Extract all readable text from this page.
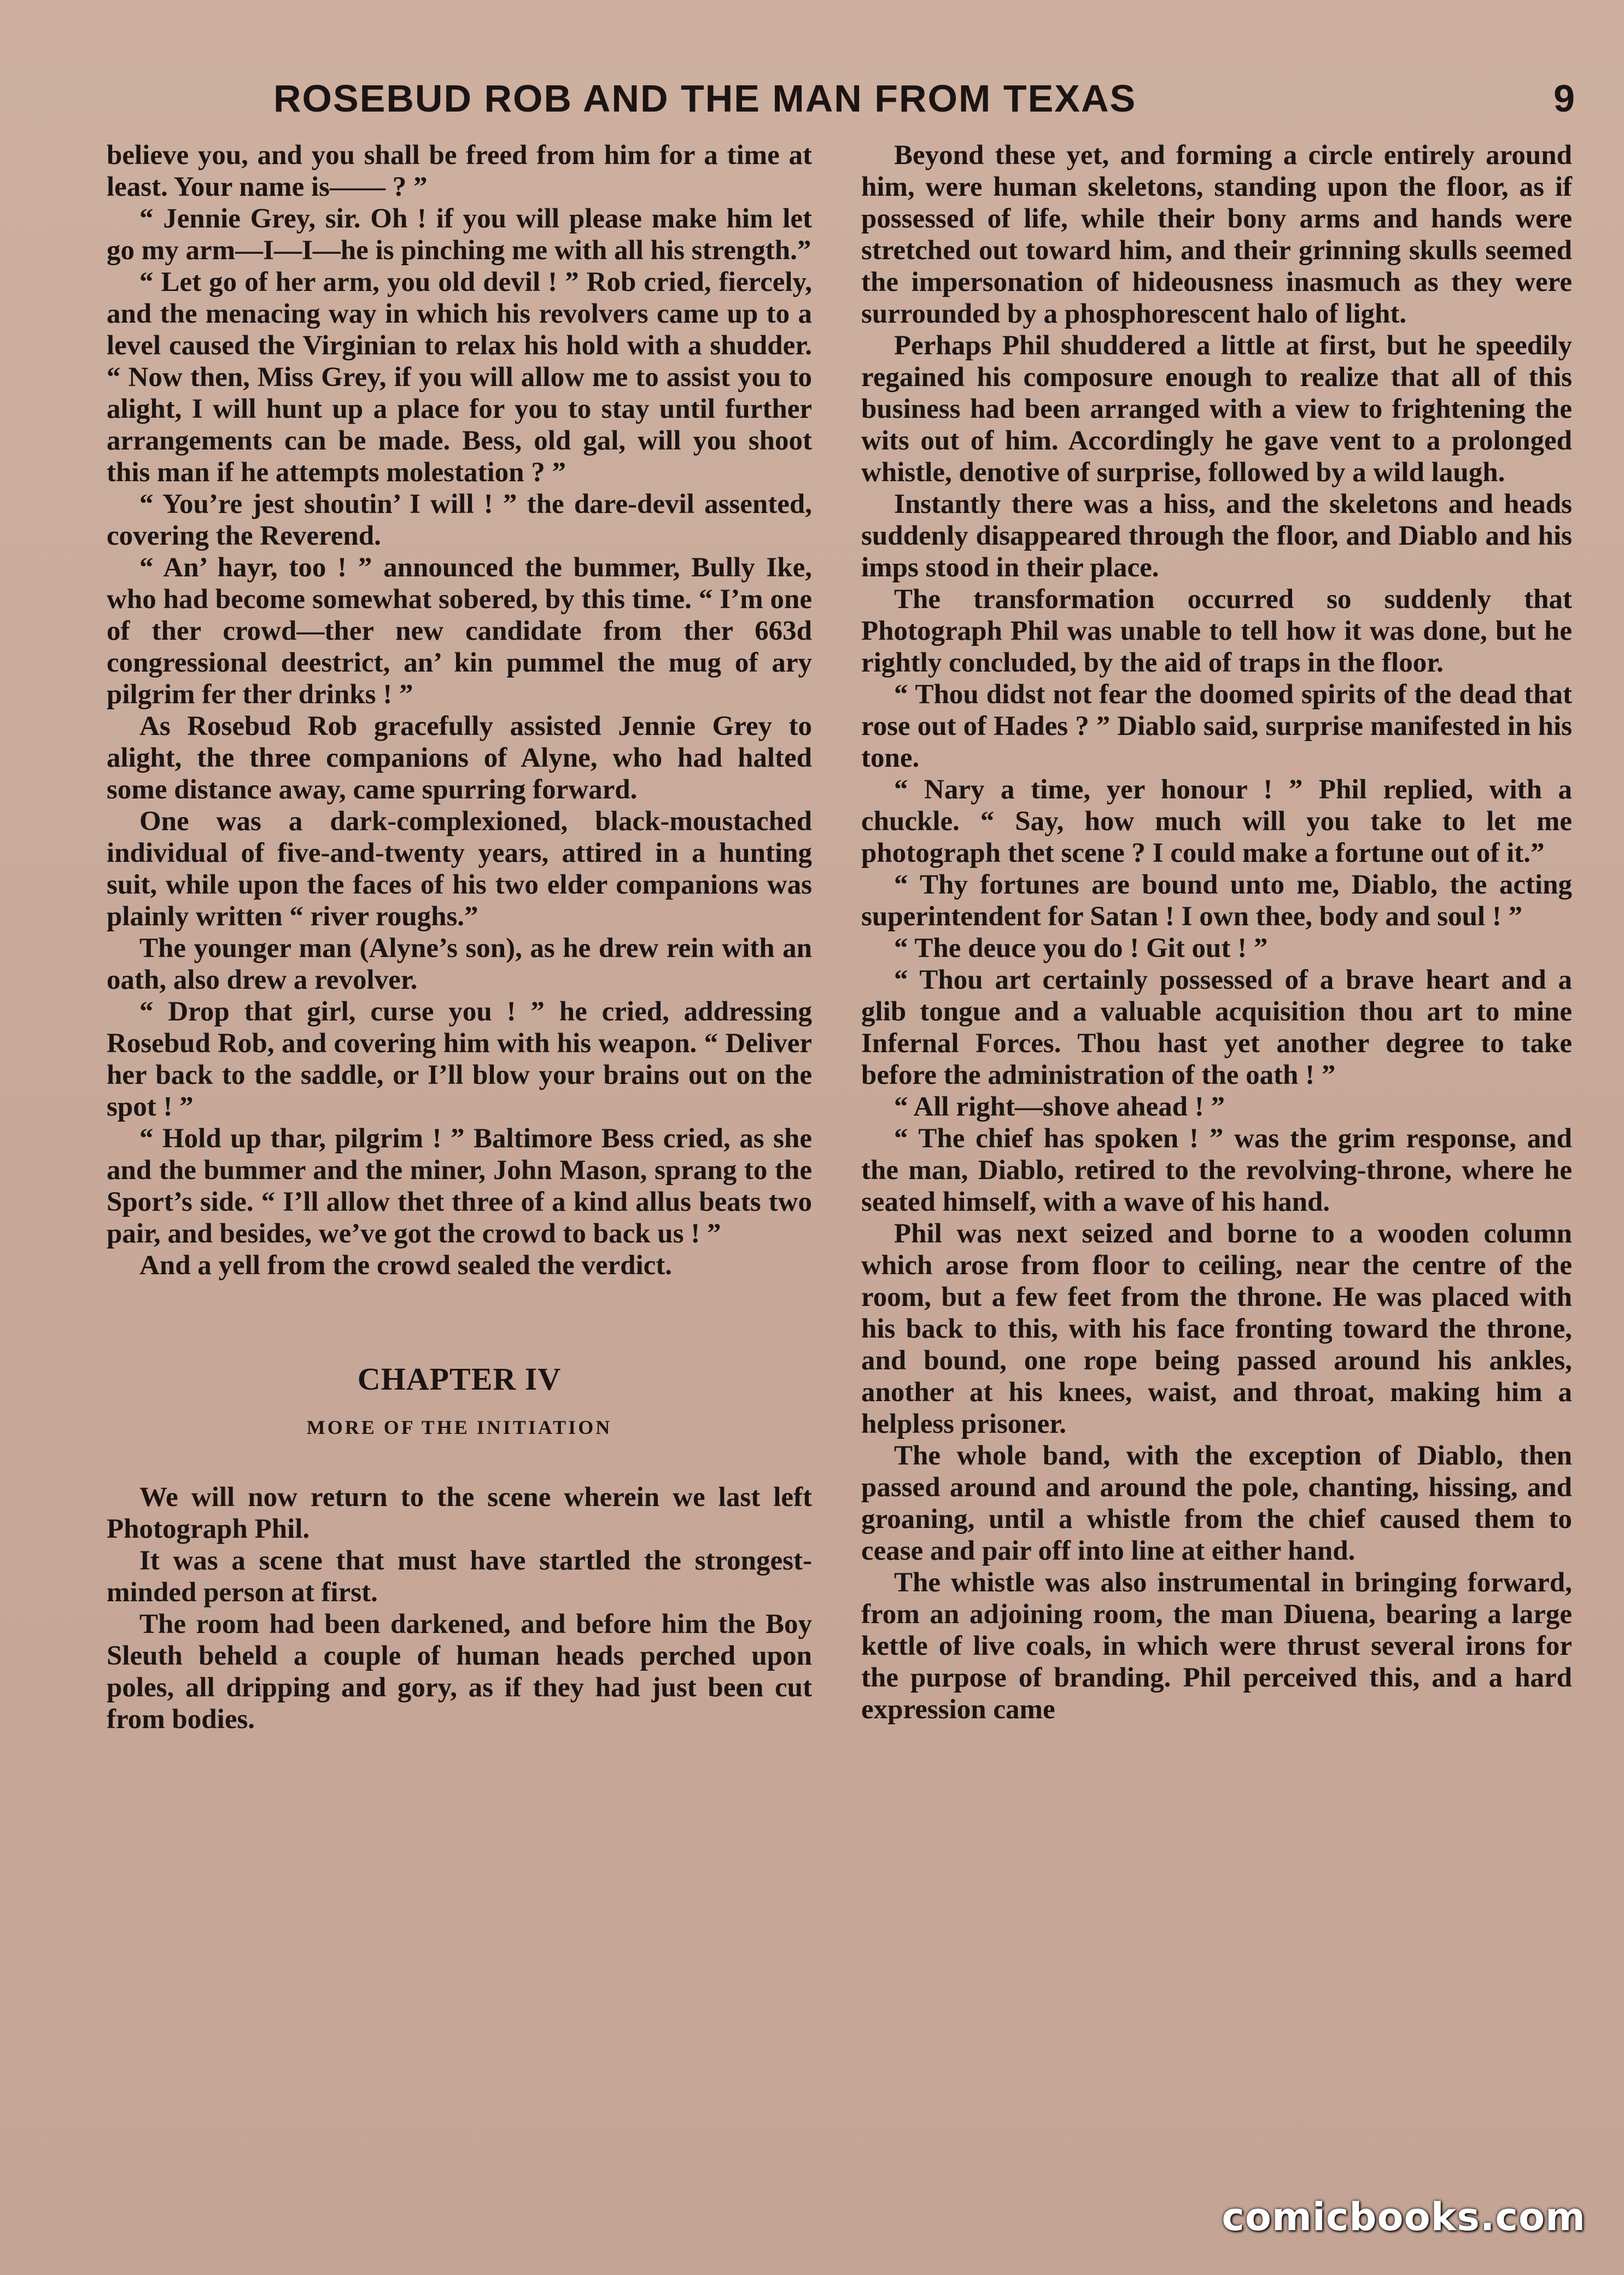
ROSEBUD ROB AND THE MAN FROM TEXAS	9

believe you, and you shall be freed from him for a time at least. Your name is—— ? ”

“ Jennie Grey, sir. Oh ! if you will please make him let go my arm—I—I—he is pinching me with all his strength.”

“ Let go of her arm, you old devil ! ” Rob cried, fiercely, and the menacing way in which his revolvers came up to a level caused the Virginian to relax his hold with a shudder. “ Now then, Miss Grey, if you will allow me to assist you to alight, I will hunt up a place for you to stay until further arrangements can be made. Bess, old gal, will you shoot this man if he attempts molestation ? ”

“ You’re jest shoutin’ I will ! ” the dare-devil assented, covering the Reverend.

“ An’ hayr, too ! ” announced the bummer, Bully Ike, who had become somewhat sobered, by this time. “ I’m one of ther crowd—ther new candidate from ther 663d congressional deestrict, an’ kin pummel the mug of ary pilgrim fer ther drinks ! ”

As Rosebud Rob gracefully assisted Jennie Grey to alight, the three companions of Alyne, who had halted some distance away, came spurring forward.

One was a dark-complexioned, black-moustached individual of five-and-twenty years, attired in a hunting suit, while upon the faces of his two elder companions was plainly written “ river roughs.”

The younger man (Alyne’s son), as he drew rein with an oath, also drew a revolver.

“ Drop that girl, curse you ! ” he cried, addressing Rosebud Rob, and covering him with his weapon. “ Deliver her back to the saddle, or I’ll blow your brains out on the spot ! ”

“ Hold up thar, pilgrim ! ” Baltimore Bess cried, as she and the bummer and the miner, John Mason, sprang to the Sport’s side. “ I’ll allow thet three of a kind allus beats two pair, and besides, we’ve got the crowd to back us ! ”

And a yell from the crowd sealed the verdict.

CHAPTER IV
MORE OF THE INITIATION

We will now return to the scene wherein we last left Photograph Phil.

It was a scene that must have startled the strongest-minded person at first.

The room had been darkened, and before him the Boy Sleuth beheld a couple of human heads perched upon poles, all dripping and gory, as if they had just been cut from bodies.

Beyond these yet, and forming a circle entirely around him, were human skeletons, standing upon the floor, as if possessed of life, while their bony arms and hands were stretched out toward him, and their grinning skulls seemed the impersonation of hideousness inasmuch as they were surrounded by a phosphorescent halo of light.

Perhaps Phil shuddered a little at first, but he speedily regained his composure enough to realize that all of this business had been arranged with a view to frightening the wits out of him. Accordingly he gave vent to a prolonged whistle, denotive of surprise, followed by a wild laugh.

Instantly there was a hiss, and the skeletons and heads suddenly disappeared through the floor, and Diablo and his imps stood in their place.

The transformation occurred so suddenly that Photograph Phil was unable to tell how it was done, but he rightly concluded, by the aid of traps in the floor.

“ Thou didst not fear the doomed spirits of the dead that rose out of Hades ? ” Diablo said, surprise manifested in his tone.

“ Nary a time, yer honour ! ” Phil replied, with a chuckle. “ Say, how much will you take to let me photograph thet scene ? I could make a fortune out of it.”

“ Thy fortunes are bound unto me, Diablo, the acting superintendent for Satan ! I own thee, body and soul ! ”

“ The deuce you do ! Git out ! ”

“ Thou art certainly possessed of a brave heart and a glib tongue and a valuable acquisition thou art to mine Infernal Forces. Thou hast yet another degree to take before the administration of the oath ! ”

“ All right—shove ahead ! ”

“ The chief has spoken ! ” was the grim response, and the man, Diablo, retired to the revolving-throne, where he seated himself, with a wave of his hand.

Phil was next seized and borne to a wooden column which arose from floor to ceiling, near the centre of the room, but a few feet from the throne. He was placed with his back to this, with his face fronting toward the throne, and bound, one rope being passed around his ankles, another at his knees, waist, and throat, making him a helpless prisoner.

The whole band, with the exception of Diablo, then passed around and around the pole, chanting, hissing, and groaning, until a whistle from the chief caused them to cease and pair off into line at either hand.

The whistle was also instrumental in bringing forward, from an adjoining room, the man Diuena, bearing a large kettle of live coals, in which were thrust several irons for the purpose of branding. Phil perceived this, and a hard expression came

comicbooks.com
